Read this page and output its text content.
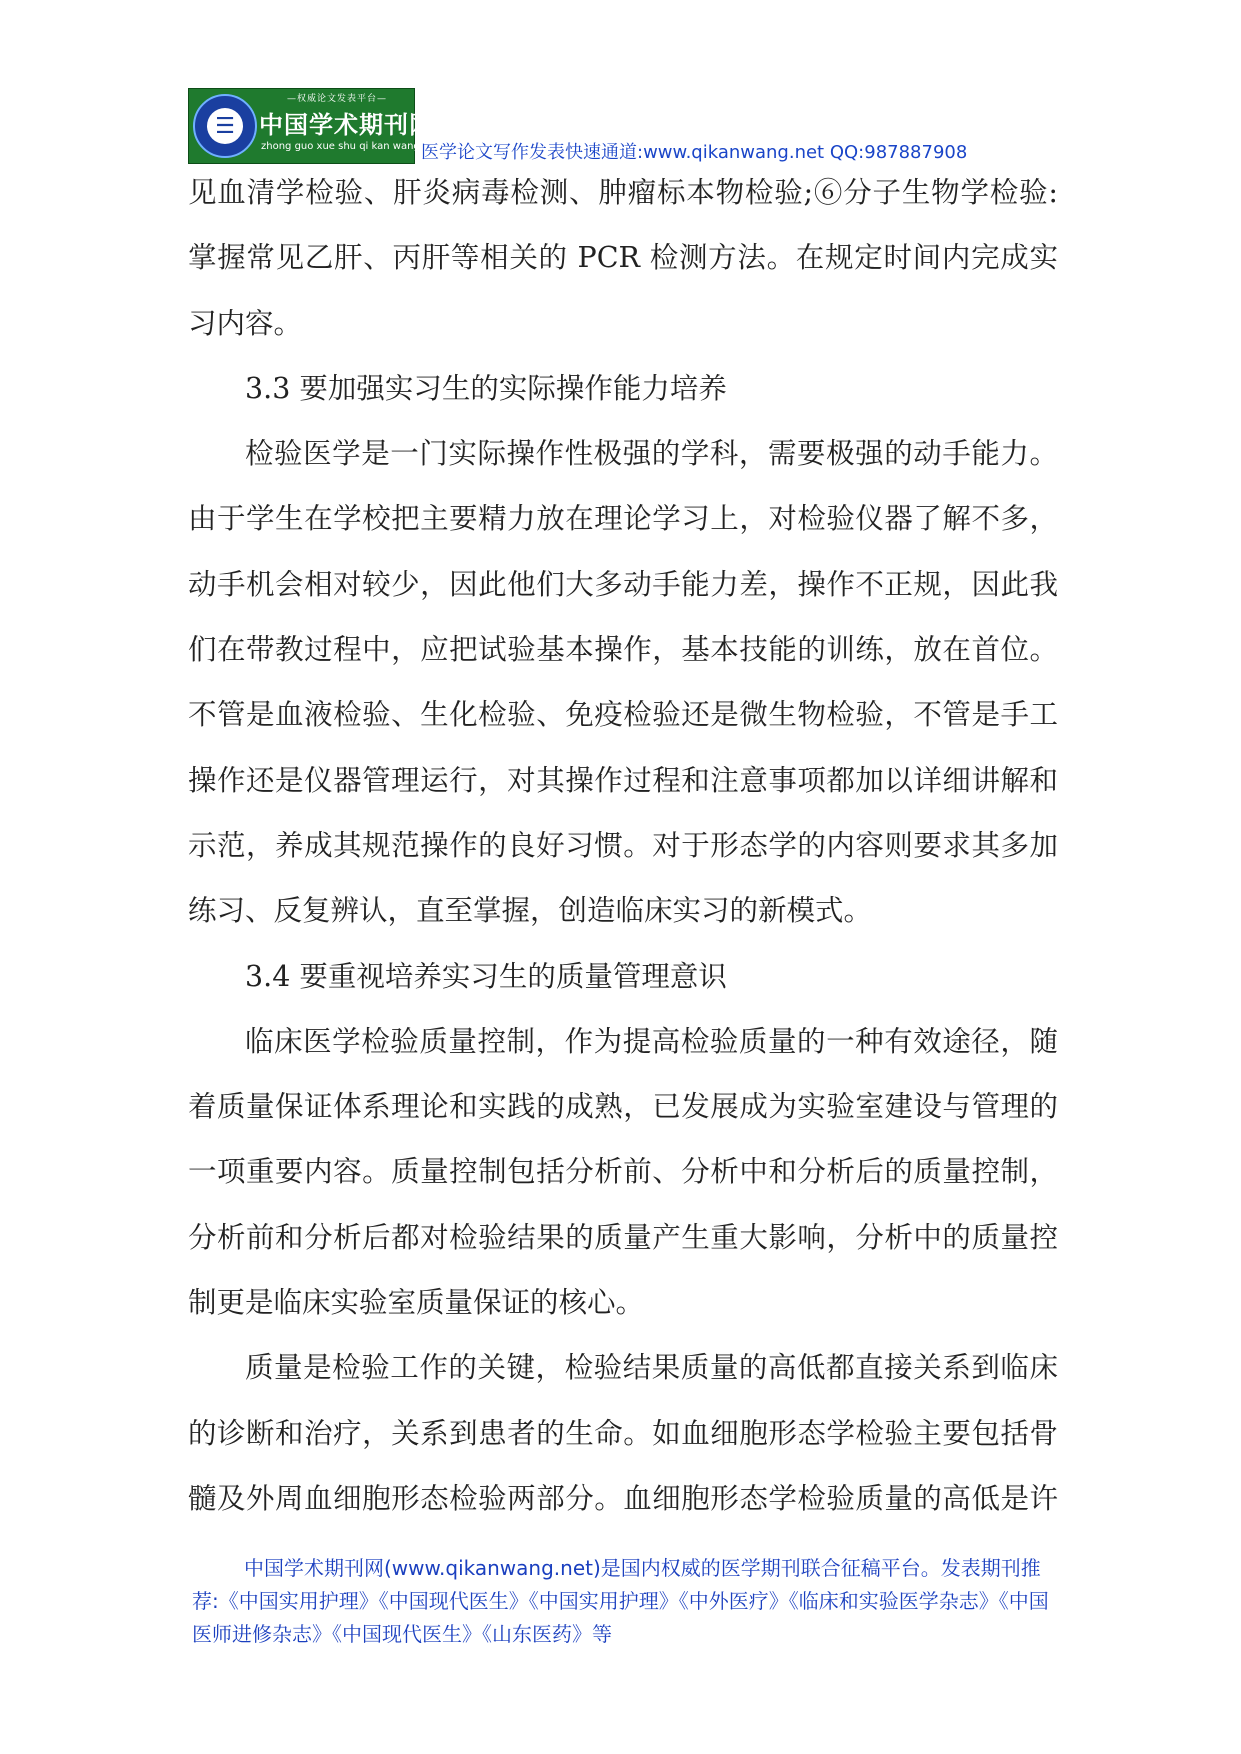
☰
—权威论文发表平台—
中国学术期刊网
zhong guo xue shu qi kan wang 医学论文写作发表快速通道:www.qikanwang.net QQ:987887908

见血清学检验、肝炎病毒检测、肿瘤标本物检验;⑥分子生物学检验:掌握常见乙肝、丙肝等相关的 PCR 检测方法。在规定时间内完成实习内容。

3.3 要加强实习生的实际操作能力培养

检验医学是一门实际操作性极强的学科，需要极强的动手能力。由于学生在学校把主要精力放在理论学习上，对检验仪器了解不多，动手机会相对较少，因此他们大多动手能力差，操作不正规，因此我们在带教过程中，应把试验基本操作，基本技能的训练，放在首位。不管是血液检验、生化检验、免疫检验还是微生物检验，不管是手工操作还是仪器管理运行，对其操作过程和注意事项都加以详细讲解和示范，养成其规范操作的良好习惯。对于形态学的内容则要求其多加练习、反复辨认，直至掌握，创造临床实习的新模式。

3.4 要重视培养实习生的质量管理意识

临床医学检验质量控制，作为提高检验质量的一种有效途径，随着质量保证体系理论和实践的成熟，已发展成为实验室建设与管理的一项重要内容。质量控制包括分析前、分析中和分析后的质量控制，分析前和分析后都对检验结果的质量产生重大影响，分析中的质量控制更是临床实验室质量保证的核心。

质量是检验工作的关键，检验结果质量的高低都直接关系到临床的诊断和治疗，关系到患者的生命。如血细胞形态学检验主要包括骨髓及外周血细胞形态检验两部分。血细胞形态学检验质量的高低是许

中国学术期刊网(www.qikanwang.net)是国内权威的医学期刊联合征稿平台。发表期刊推荐:《中国实用护理》《中国现代医生》《中国实用护理》《中外医疗》《临床和实验医学杂志》《中国医师进修杂志》《中国现代医生》《山东医药》等
